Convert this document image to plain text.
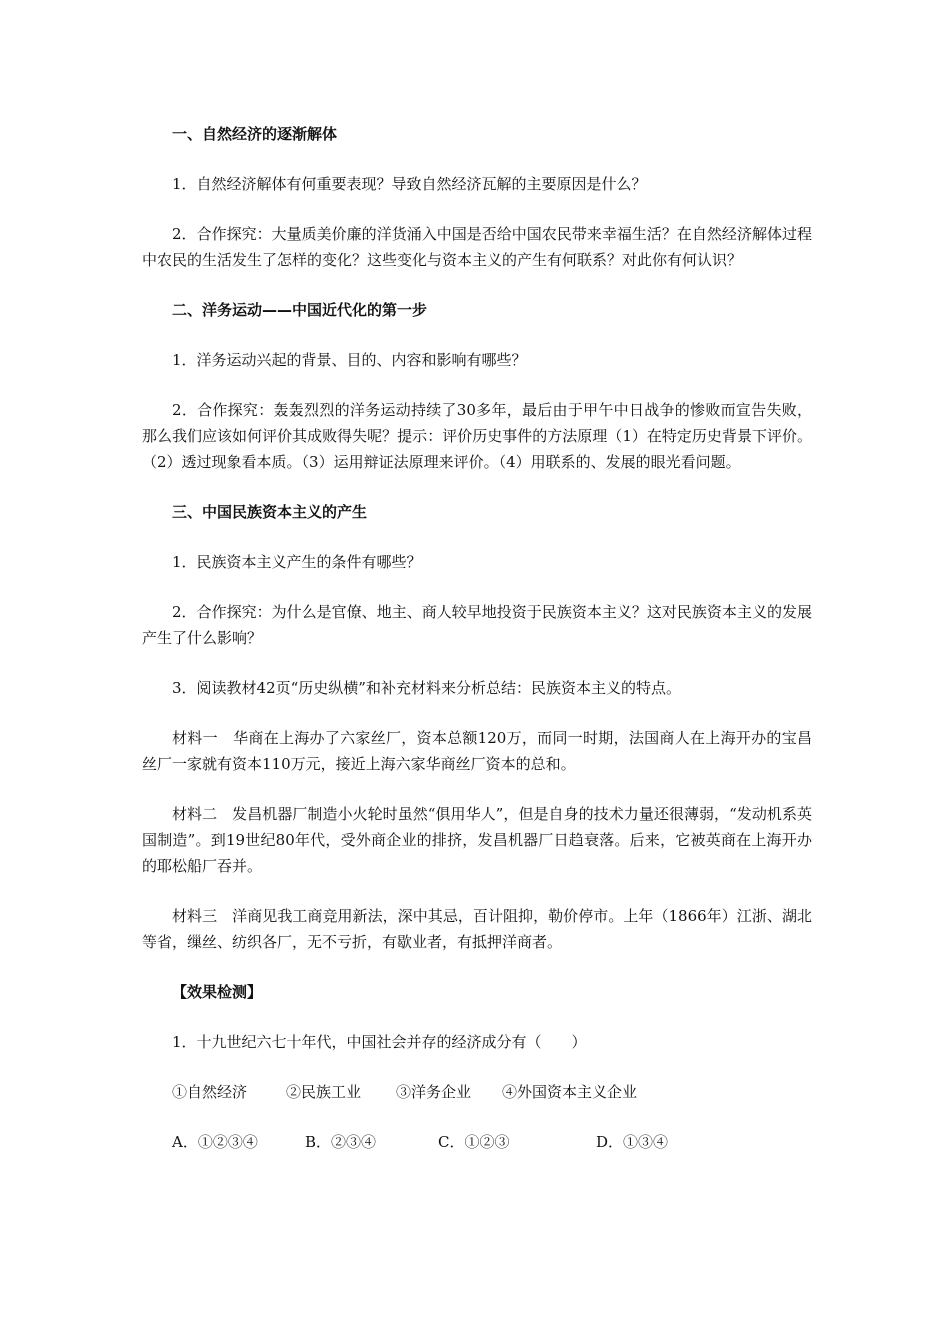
一、自然经济的逐渐解体

1．自然经济解体有何重要表现？导致自然经济瓦解的主要原因是什么？

2．合作探究：大量质美价廉的洋货涌入中国是否给中国农民带来幸福生活？在自然经济解体过程中农民的生活发生了怎样的变化？这些变化与资本主义的产生有何联系？对此你有何认识？

二、洋务运动——中国近代化的第一步

1．洋务运动兴起的背景、目的、内容和影响有哪些？

2．合作探究：轰轰烈烈的洋务运动持续了30多年，最后由于甲午中日战争的惨败而宣告失败，那么我们应该如何评价其成败得失呢？提示：评价历史事件的方法原理（1）在特定历史背景下评价。（2）透过现象看本质。（3）运用辩证法原理来评价。（4）用联系的、发展的眼光看问题。

三、中国民族资本主义的产生

1．民族资本主义产生的条件有哪些？

2．合作探究：为什么是官僚、地主、商人较早地投资于民族资本主义？这对民族资本主义的发展产生了什么影响？

3．阅读教材42页“历史纵横”和补充材料来分析总结：民族资本主义的特点。

材料一　华商在上海办了六家丝厂，资本总额120万，而同一时期，法国商人在上海开办的宝昌丝厂一家就有资本110万元，接近上海六家华商丝厂资本的总和。

材料二　发昌机器厂制造小火轮时虽然“俱用华人”，但是自身的技术力量还很薄弱，“发动机系英国制造”。到19世纪80年代，受外商企业的排挤，发昌机器厂日趋衰落。后来，它被英商在上海开办的耶松船厂吞并。

材料三　洋商见我工商竞用新法，深中其忌，百计阻抑，勒价停市。上年（1866年）江浙、湖北等省，缫丝、纺织各厂，无不亏折，有歇业者，有抵押洋商者。

【效果检测】

1．十九世纪六七十年代，中国社会并存的经济成分有（　　）

①自然经济	②民族工业 ③洋务企业 ④外国资本主义企业
A．①②③④	B．②③④	C．①②③	D．①③④
